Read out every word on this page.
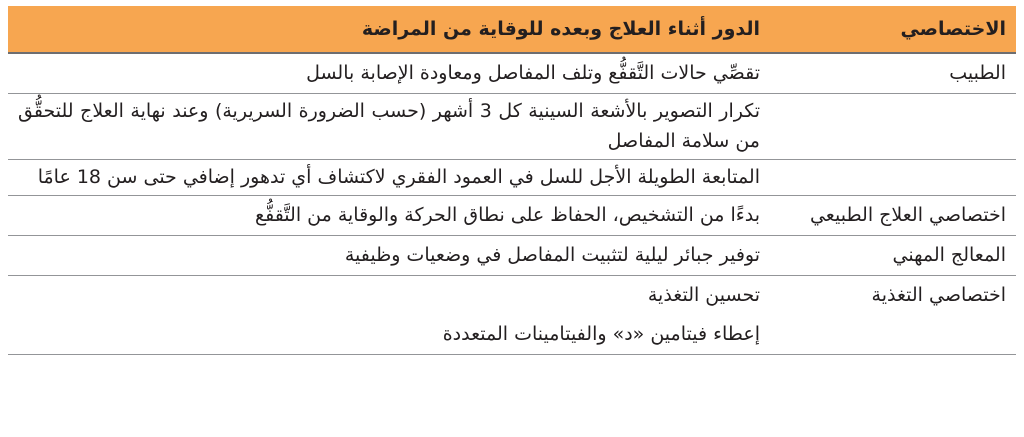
الاختصاصي	الدور أثناء العلاج وبعده للوقاية من المراضة
الطبيب	تقصِّي حالات التَّقفُّع وتلف المفاصل ومعاودة الإصابة بالسل
	تكرار التصوير بالأشعة السينية كل 3 أشهر (حسب الضرورة السريرية) وعند نهاية العلاج للتحقُّق من سلامة المفاصل
	المتابعة الطويلة الأجل للسل في العمود الفقري لاكتشاف أي تدهور إضافي حتى سن 18 عامًا
اختصاصي العلاج الطبيعي	بدءًا من التشخيص، الحفاظ على نطاق الحركة والوقاية من التَّقفُّع
المعالج المهني	توفير جبائر ليلية لتثبيت المفاصل في وضعيات وظيفية
اختصاصي التغذية	تحسين التغذية
	إعطاء فيتامين «د» والفيتامينات المتعددة
